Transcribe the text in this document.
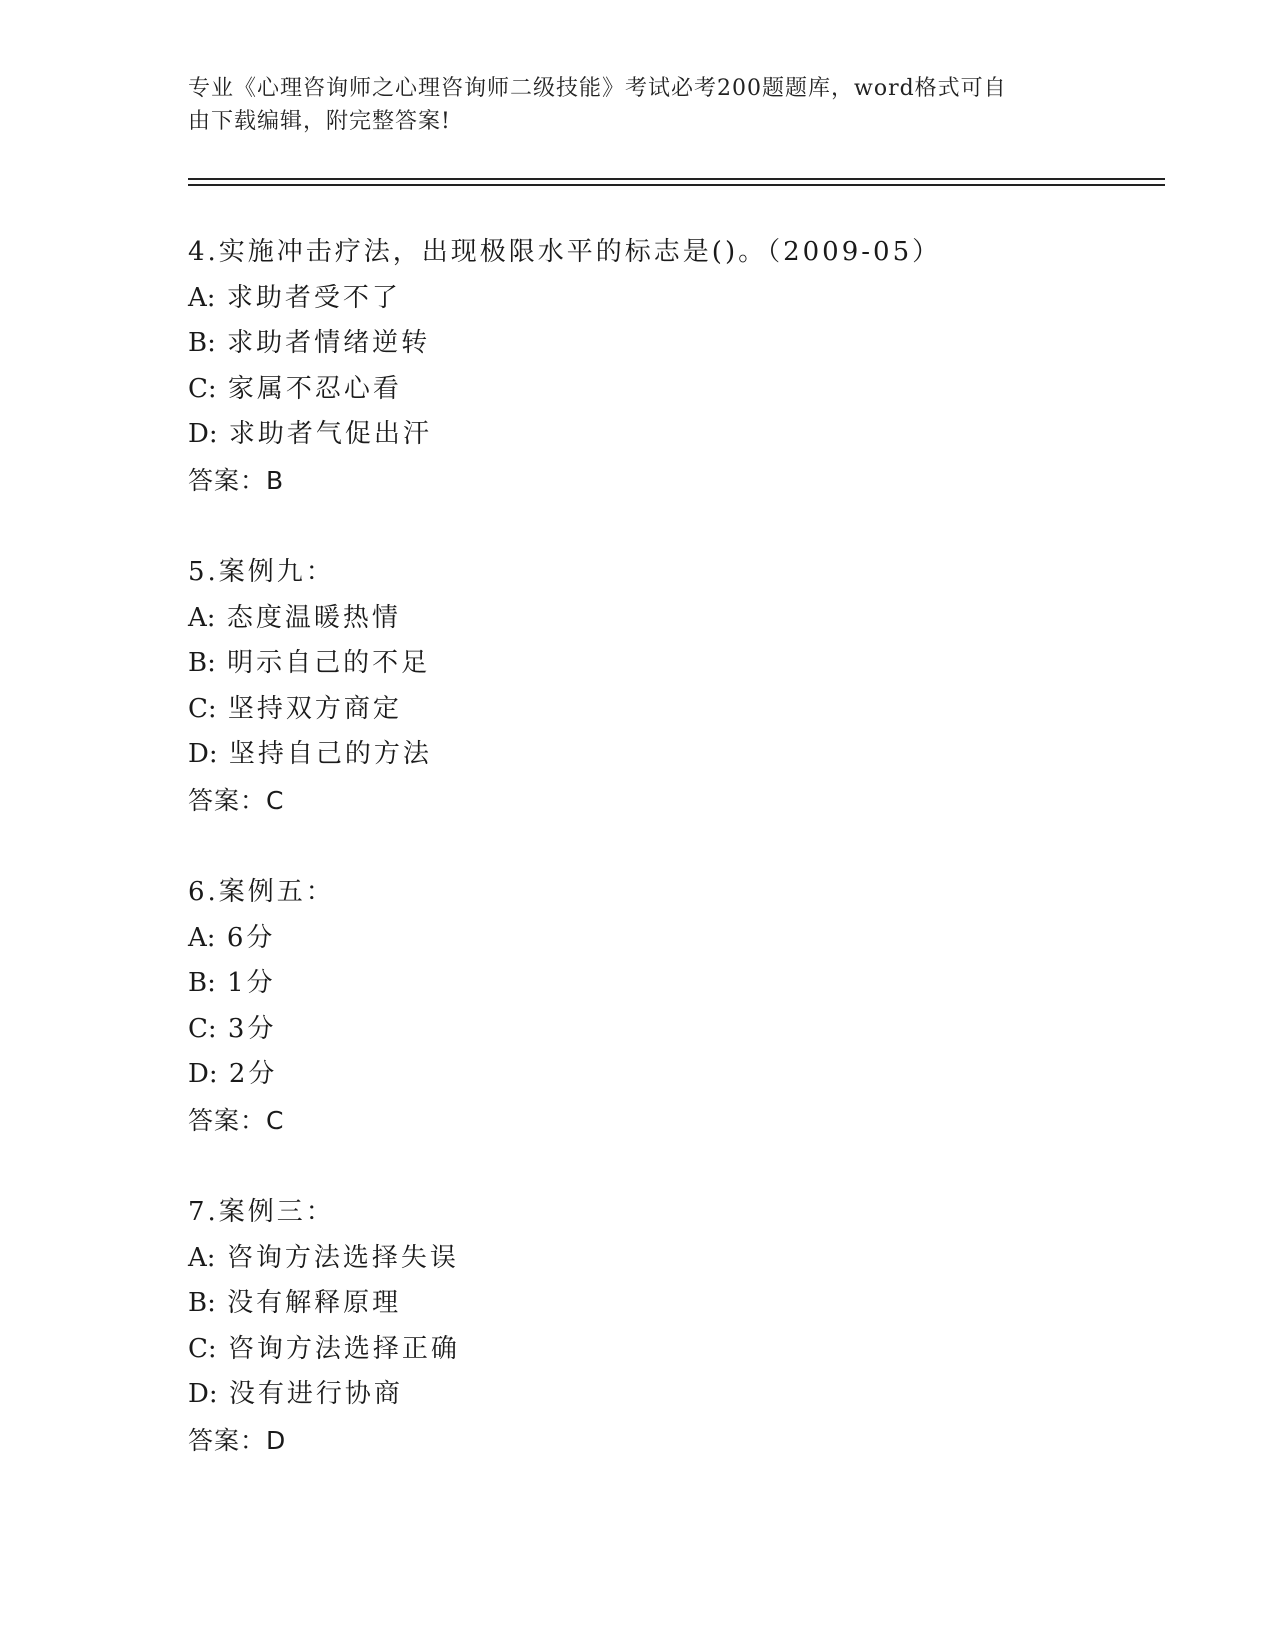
专业《心理咨询师之心理咨询师二级技能》考试必考200题题库，word格式可自
由下载编辑，附完整答案!
4.实施冲击疗法，出现极限水平的标志是()。（2009-05）
A: 求助者受不了
B: 求助者情绪逆转
C: 家属不忍心看
D: 求助者气促出汗
答案：B
5.案例九：
A: 态度温暖热情
B: 明示自己的不足
C: 坚持双方商定
D: 坚持自己的方法
答案：C
6.案例五：
A: 6分
B: 1分
C: 3分
D: 2分
答案：C
7.案例三：
A: 咨询方法选择失误
B: 没有解释原理
C: 咨询方法选择正确
D: 没有进行协商
答案：D
